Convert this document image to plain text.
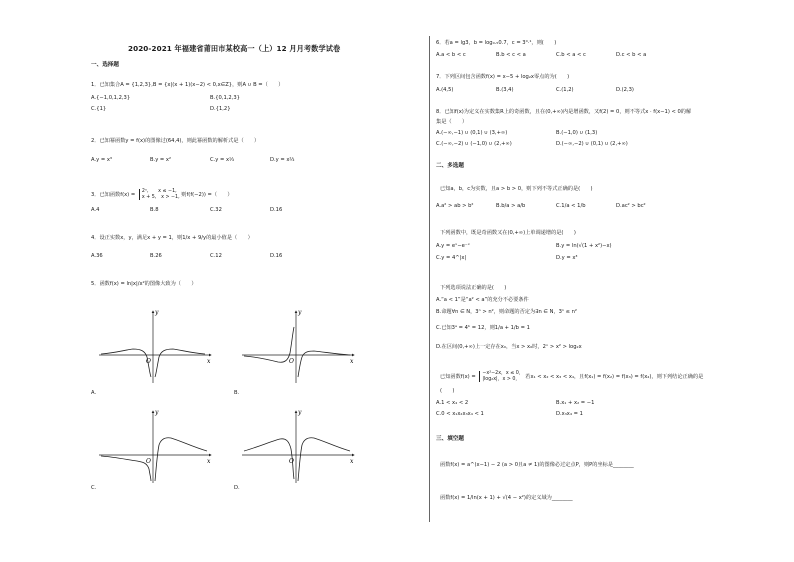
2020-2021 年福建省莆田市某校高一（上）12 月月考数学试卷
一、选择题
1．已知集合A = {1,2,3},B = {x|(x + 1)(x−2) < 0,x∈Z}，则A ∪ B =（　　）
A.{−1,0,1,2,3}	B.{0,1,2,3}
C.{1}	D.{1,2}
2．已知幂函数y = f(x)的图像过(64,4)，则此幂函数的解析式是（　　）
A.y = x³	B.y = x²	C.y = x⅓	D.y = x⅔
3．已知函数f(x) =
2ˣ,　　x ≤ −1,
x + 5,　x > −1, 则f(f(−2)) =（　　）
A.4	B.8	C.32	D.16
4．设正实数x，y，满足x + y = 1，则1/x + 9/y的最小值是（　　）
A.36	B.26	C.12	D.16
5．函数f(x) = ln|x|/x²的图像大致为（　　）
y
x
O
A.
y
x
O
B.
y
x
O
C.
y
x
O
D.
6．若a = lg3，b = log₀.₅0.7，c = 3⁰·¹，则(　　)
A.a < b < c	B.b < c < a	C.b < a < c	D.c < b < a
7．下列区间包含函数f(x) = x−5 + log₂x零点的为(　　)
A.(4,5)	B.(3,4)	C.(1,2)	D.(2,3)
8．已知f(x)为定义在实数集R上的奇函数，且在(0,+∞)内是增函数，又f(2) = 0，则不等式x · f(x−1) < 0的解
集是（　　）
A.(−∞,−1) ∪ (0,1) ∪ (3,+∞)	B.(−1,0) ∪ (1,3)
C.(−∞,−2) ∪ (−1,0) ∪ (2,+∞)	D.(−∞,−2) ∪ (0,1) ∪ (2,+∞)
二、多选题
已知a，b，c为实数，且a > b > 0，则下列不等式正确的是(　　)
A.a² > ab > b²	B.b/a > a/b	C.1/a < 1/b	D.ac² > bc²
下列函数中，既是奇函数又在(0,+∞)上单调递增的是(　　)
A.y = eˣ−e⁻ˣ	B.y = ln(√(1 + x²)−x)
C.y = 4^|x|	D.y = x³
下列选项说法正确的是(　　)
A.“a < 1”是“a² < a”的充分不必要条件
B.命题∀n ∈ N，3ⁿ > n²，则命题的否定为∃n ∈ N，3ⁿ ≤ n²
C.已知3ᵃ = 4ᵇ = 12，则1/a + 1/b = 1
D.在区间(0,+∞)上一定存在x₀，当x > x₀时，2ˣ > x² > log₂x
已知函数f(x) =
−x²−2x，x ≤ 0，
|log₂x|，x > 0， 若x₁ < x₂ < x₃ < x₄，且f(x₁) = f(x₂) = f(x₃) = f(x₄)，则下列结论正确的是
(　　)
A.1 < x₄ < 2	B.x₁ + x₂ = −1
C.0 < x₁x₂x₃x₄ < 1	D.x₃x₄ = 1
三、填空题
函数f(x) = a^(x−1) − 2 (a > 0且a ≠ 1)的图像必过定点P，则P的坐标是________
函数f(x) = 1/ln(x + 1) + √(4 − x²)的定义域为________
